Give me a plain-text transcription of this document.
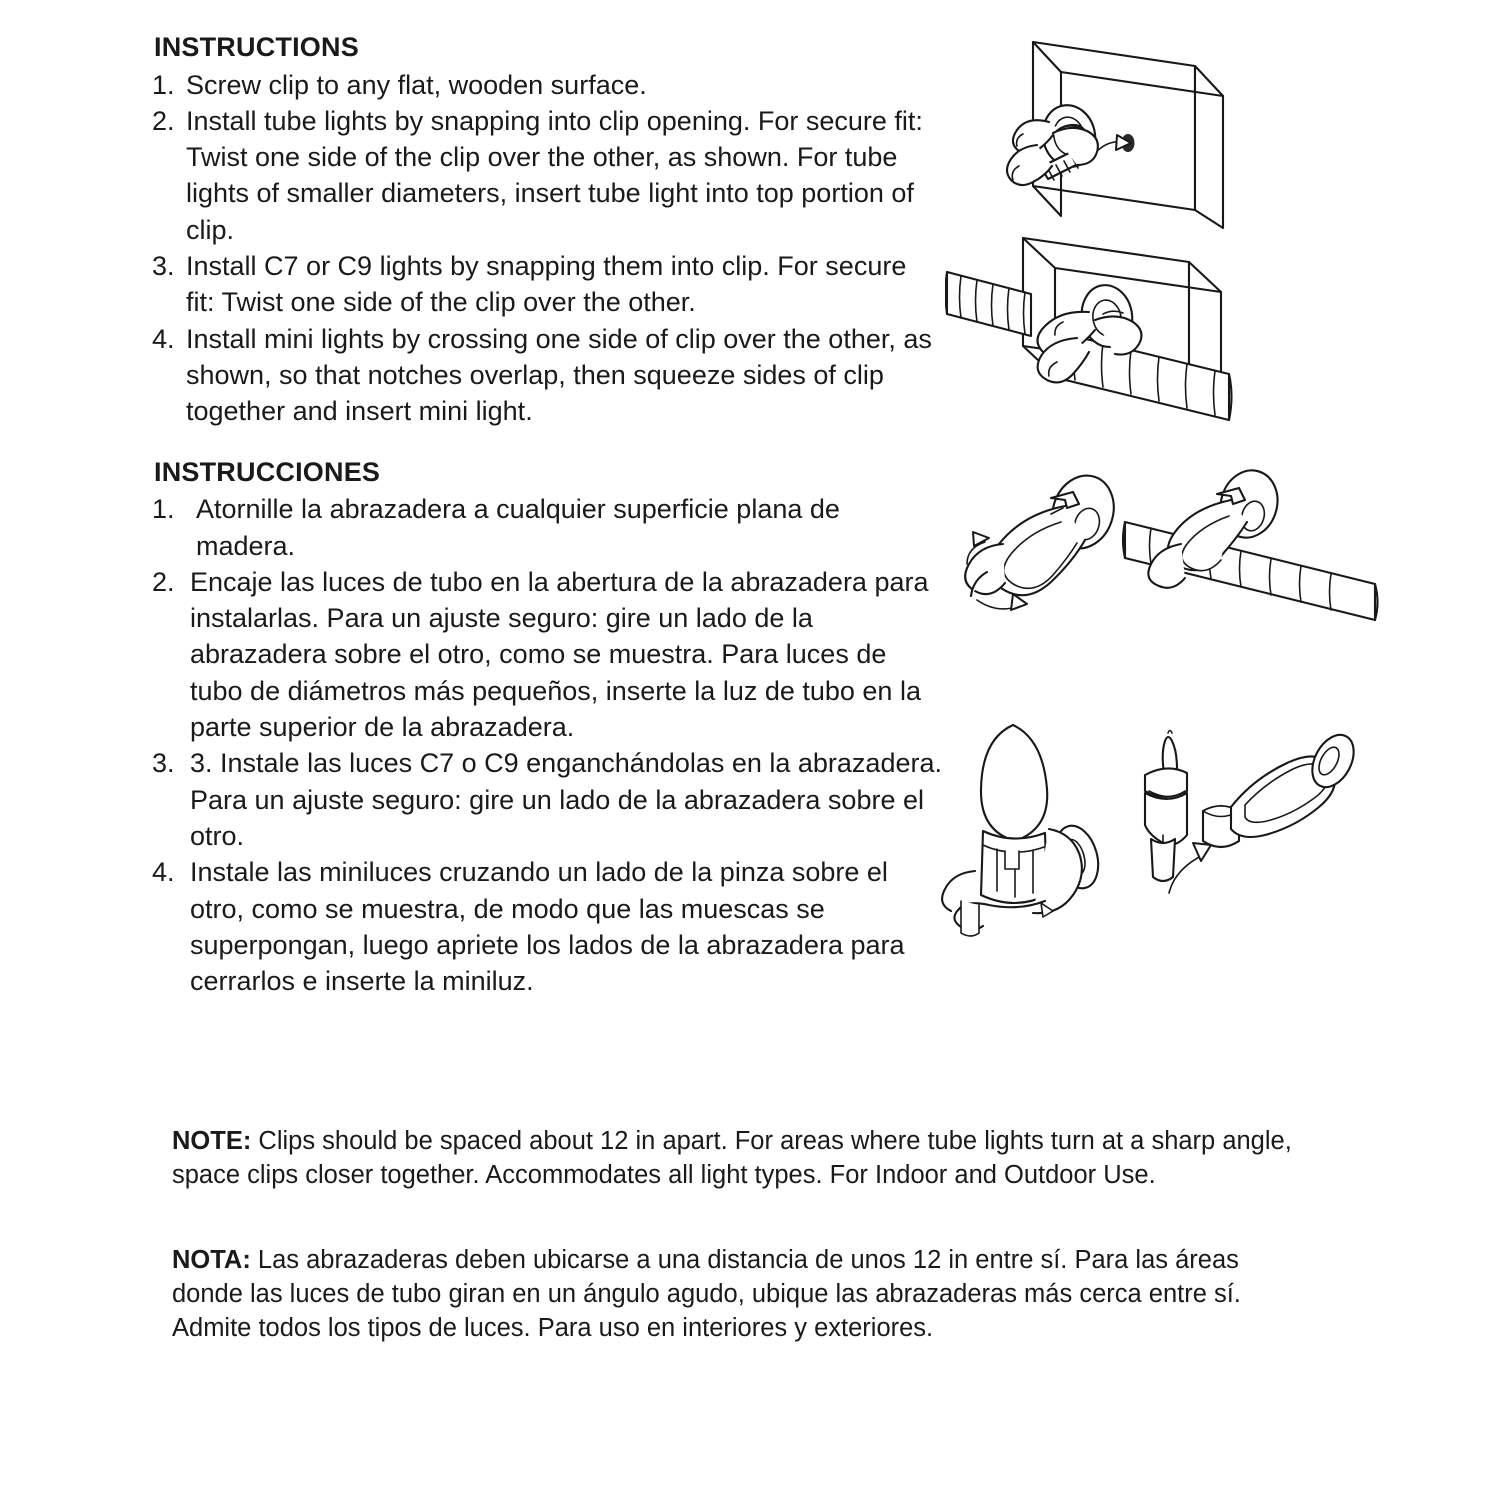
INSTRUCTIONS
1. Screw clip to any flat, wooden surface.
2. Install tube lights by snapping into clip opening. For secure fit: Twist one side of the clip over the other, as shown. For tube lights of smaller diameters, insert tube light into top portion of clip.
3. Install C7 or C9 lights by snapping them into clip. For secure fit: Twist one side of the clip over the other.
4. Install mini lights by crossing one side of clip over the other, as shown, so that notches overlap, then squeeze sides of clip together and insert mini light.
INSTRUCCIONES
1. Atornille la abrazadera a cualquier superficie plana de madera.
2. Encaje las luces de tubo en la abertura de la abrazadera para instalarlas. Para un ajuste seguro: gire un lado de la abrazadera sobre el otro, como se muestra. Para luces de tubo de diámetros más pequeños, inserte la luz de tubo en la parte superior de la abrazadera.
3. 3. Instale las luces C7 o C9 enganchándolas en la abrazadera. Para un ajuste seguro: gire un lado de la abrazadera sobre el otro.
4. Instale las miniluces cruzando un lado de la pinza sobre el otro, como se muestra, de modo que las muescas se superpongan, luego apriete los lados de la abrazadera para cerrarlos e inserte la miniluz.

NOTE: Clips should be spaced about 12 in apart. For areas where tube lights turn at a sharp angle, space clips closer together. Accommodates all light types. For Indoor and Outdoor Use.

NOTA: Las abrazaderas deben ubicarse a una distancia de unos 12 in entre sí. Para las áreas donde las luces de tubo giran en un ángulo agudo, ubique las abrazaderas más cerca entre sí. Admite todos los tipos de luces. Para uso en interiores y exteriores.
